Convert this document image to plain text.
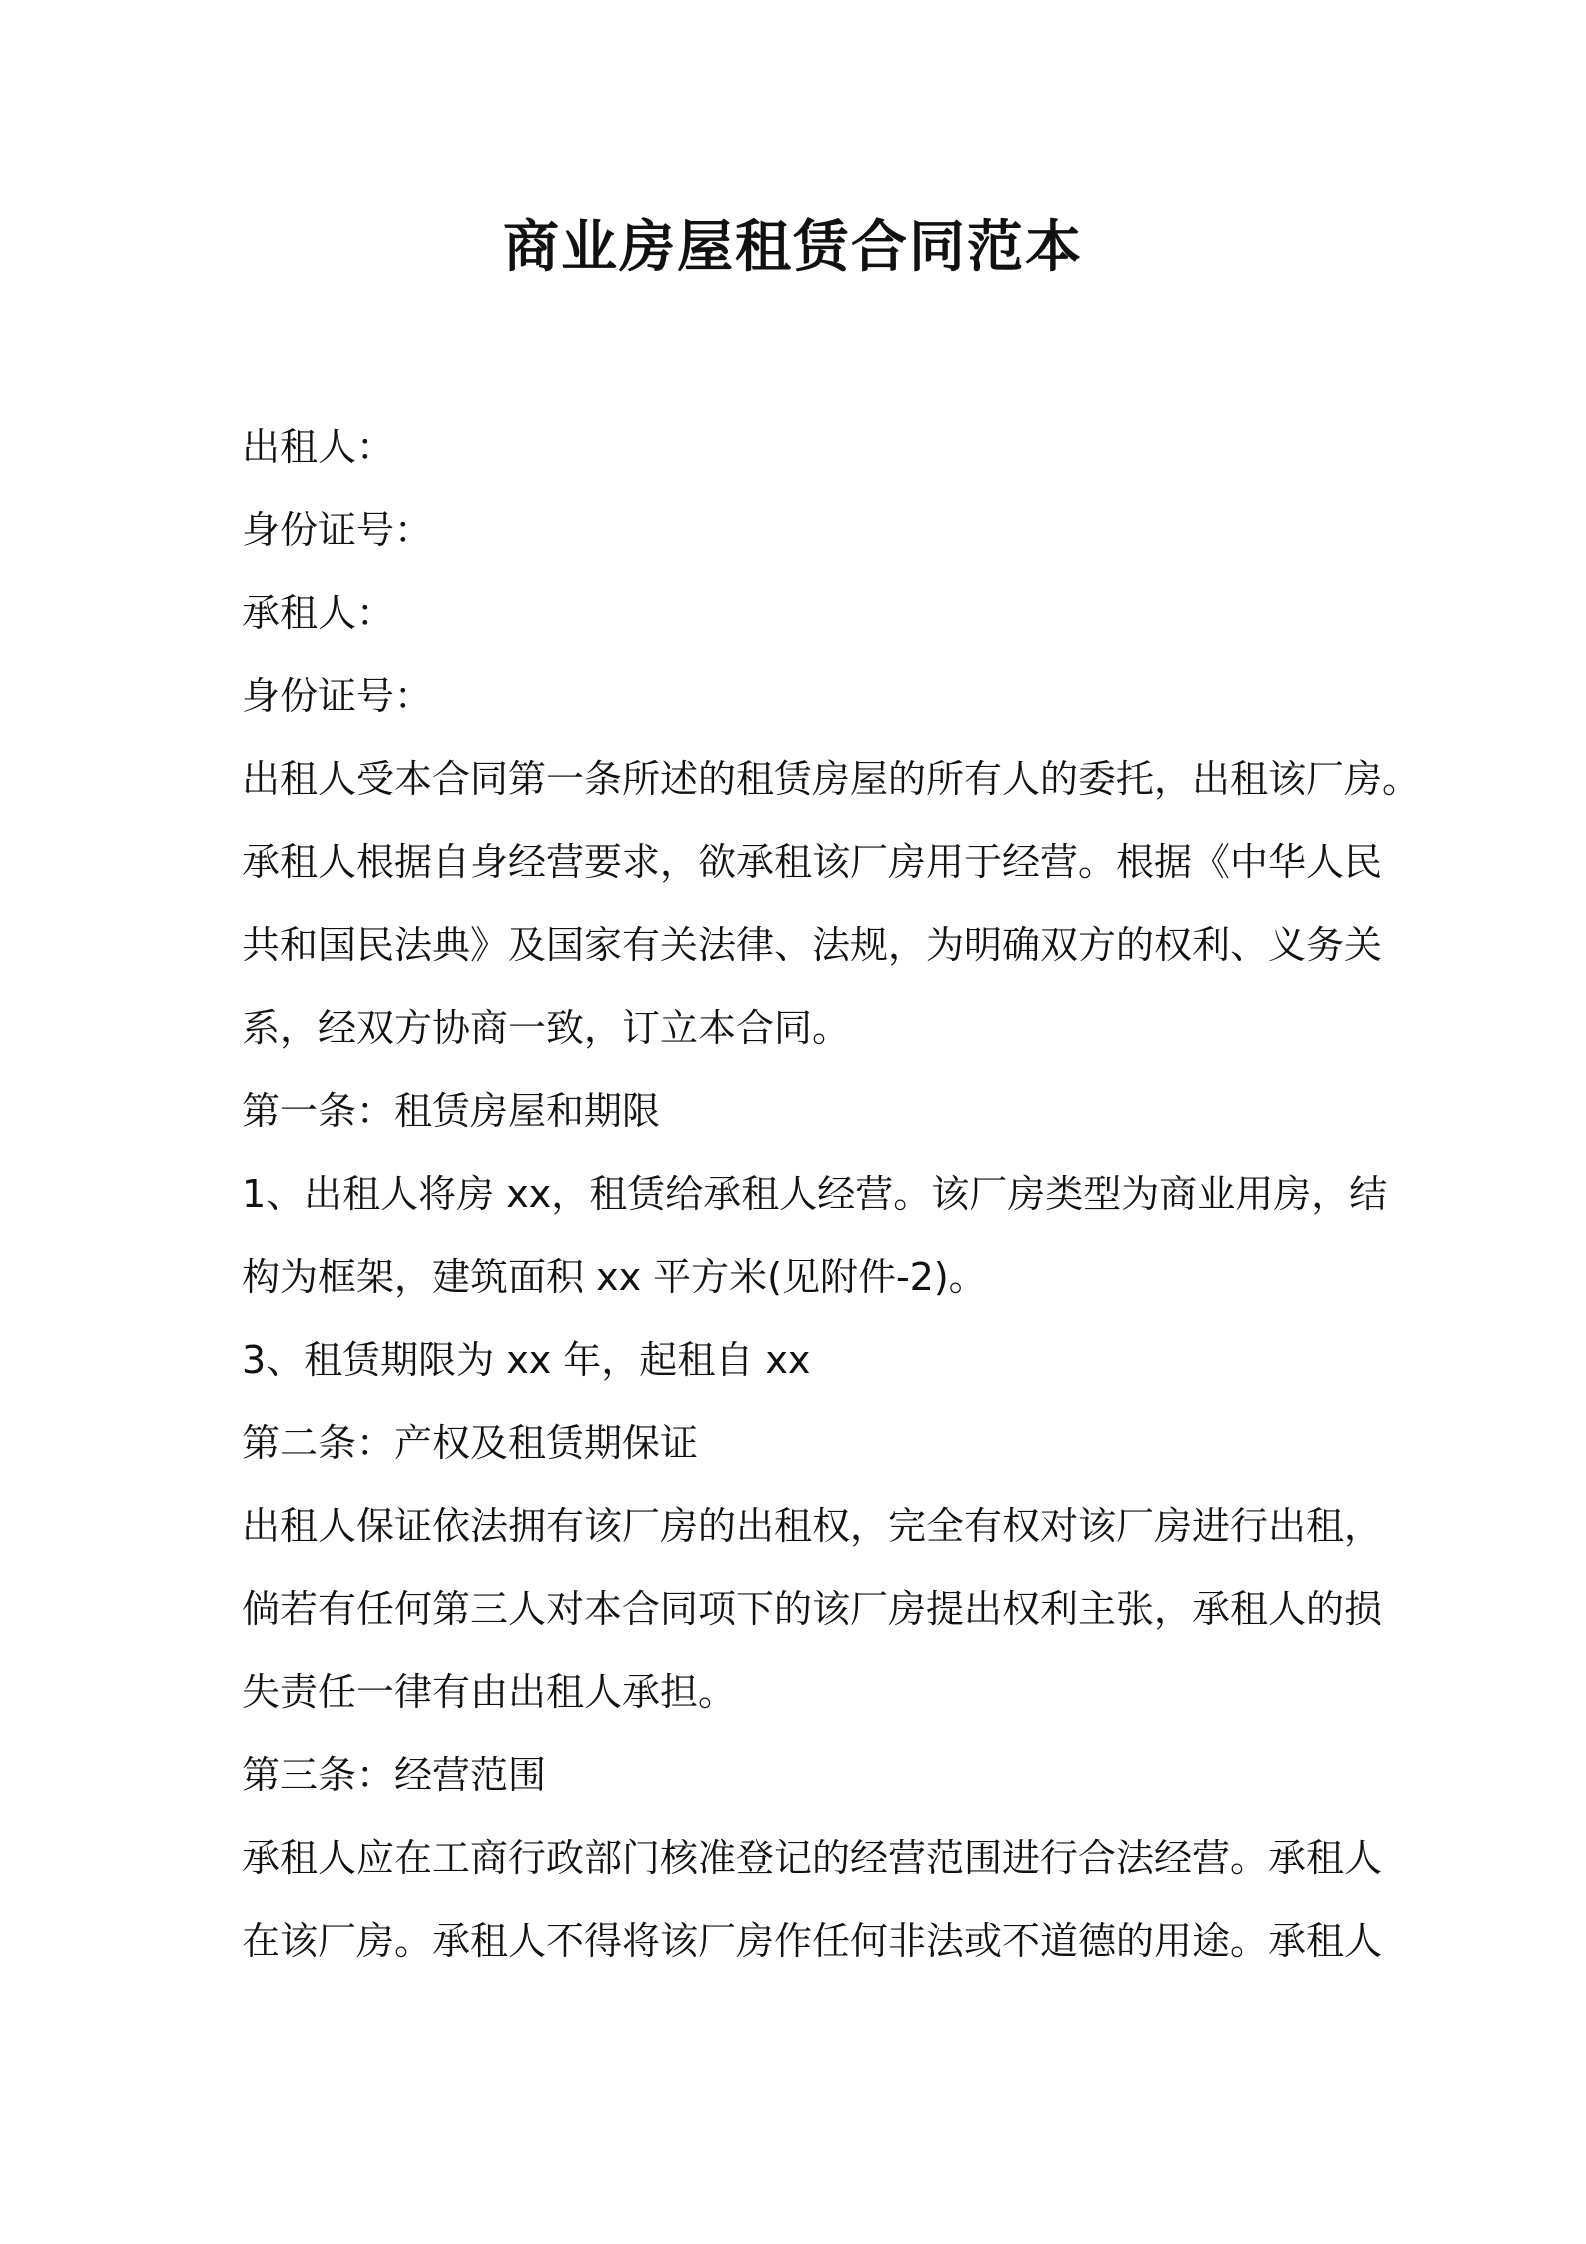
商业房屋租赁合同范本
出租人：
身份证号：
承租人：
身份证号：
出租人受本合同第一条所述的租赁房屋的所有人的委托，出租该厂房。
承租人根据自身经营要求，欲承租该厂房用于经营。根据《中华人民
共和国民法典》及国家有关法律、法规，为明确双方的权利、义务关
系，经双方协商一致，订立本合同。
第一条：租赁房屋和期限
1、出租人将房 xx，租赁给承租人经营。该厂房类型为商业用房，结
构为框架，建筑面积 xx 平方米(见附件-2)。
3、租赁期限为 xx 年，起租自 xx
第二条：产权及租赁期保证
出租人保证依法拥有该厂房的出租权，完全有权对该厂房进行出租，
倘若有任何第三人对本合同项下的该厂房提出权利主张，承租人的损
失责任一律有由出租人承担。
第三条：经营范围
承租人应在工商行政部门核准登记的经营范围进行合法经营。承租人
在该厂房。承租人不得将该厂房作任何非法或不道德的用途。承租人
